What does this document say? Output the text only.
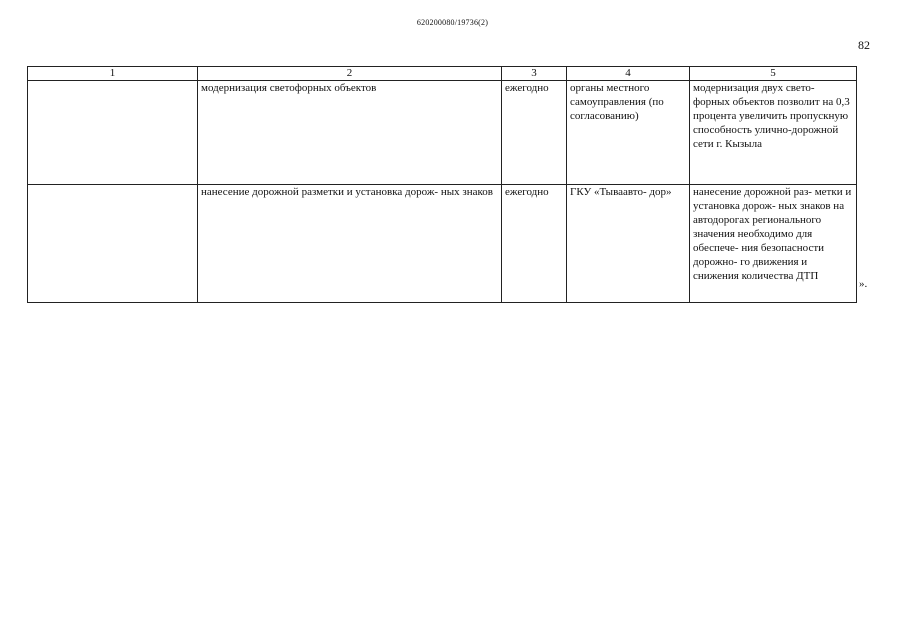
620200080/19736(2)
82
1	2	3	4	5
	модернизация светофорных объектов	ежегодно	органы местного самоуправления (по согласованию)	модернизация двух свето- форных объектов позволит на 0,3 процента увеличить пропускную способность улично-дорожной сети г. Кызыла
	нанесение дорожной разметки и установка дорож- ных знаков	ежегодно	ГКУ «Тываавто- дор»	нанесение дорожной раз- метки и установка дорож- ных знаков на автодорогах регионального значения необходимо для обеспече- ния безопасности дорожно- го движения и снижения количества ДТП
».
